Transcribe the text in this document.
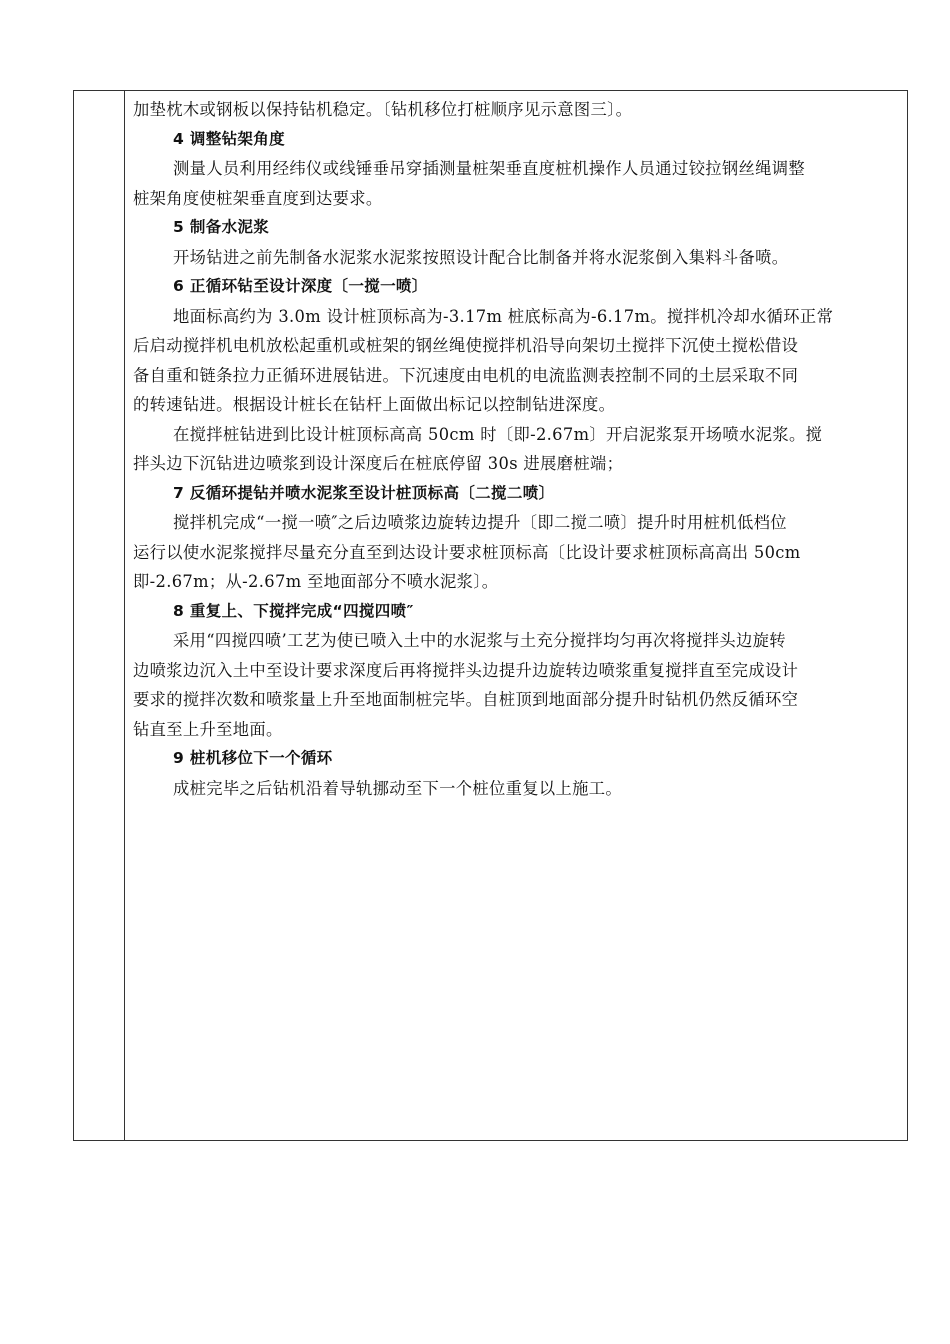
加垫枕木或钢板以保持钻机稳定。〔钻机移位打桩顺序见示意图三〕。
4 调整钻架角度
测量人员利用经纬仪或线锤垂吊穿插测量桩架垂直度桩机操作人员通过铰拉钢丝绳调整
桩架角度使桩架垂直度到达要求。
5 制备水泥浆
开场钻进之前先制备水泥浆水泥浆按照设计配合比制备并将水泥浆倒入集料斗备喷。
6 正循环钻至设计深度〔一搅一喷〕
地面标高约为 3.0m 设计桩顶标高为-3.17m 桩底标高为-6.17m。搅拌机冷却水循环正常
后启动搅拌机电机放松起重机或桩架的钢丝绳使搅拌机沿导向架切土搅拌下沉使土搅松借设
备自重和链条拉力正循环进展钻进。下沉速度由电机的电流监测表控制不同的土层采取不同
的转速钻进。根据设计桩长在钻杆上面做出标记以控制钻进深度。
在搅拌桩钻进到比设计桩顶标高高 50cm 时〔即-2.67m〕开启泥浆泵开场喷水泥浆。搅
拌头边下沉钻进边喷浆到设计深度后在桩底停留 30s 进展磨桩端；
7 反循环提钻并喷水泥浆至设计桩顶标高〔二搅二喷〕
搅拌机完成“一搅一喷″之后边喷浆边旋转边提升〔即二搅二喷〕提升时用桩机低档位
运行以使水泥浆搅拌尽量充分直至到达设计要求桩顶标高〔比设计要求桩顶标高高出 50cm
即-2.67m；从-2.67m 至地面部分不喷水泥浆〕。
8 重复上、下搅拌完成“四搅四喷″
采用“四搅四喷’工艺为使已喷入土中的水泥浆与土充分搅拌均匀再次将搅拌头边旋转
边喷浆边沉入土中至设计要求深度后再将搅拌头边提升边旋转边喷浆重复搅拌直至完成设计
要求的搅拌次数和喷浆量上升至地面制桩完毕。自桩顶到地面部分提升时钻机仍然反循环空
钻直至上升至地面。
9 桩机移位下一个循环
成桩完毕之后钻机沿着导轨挪动至下一个桩位重复以上施工。
